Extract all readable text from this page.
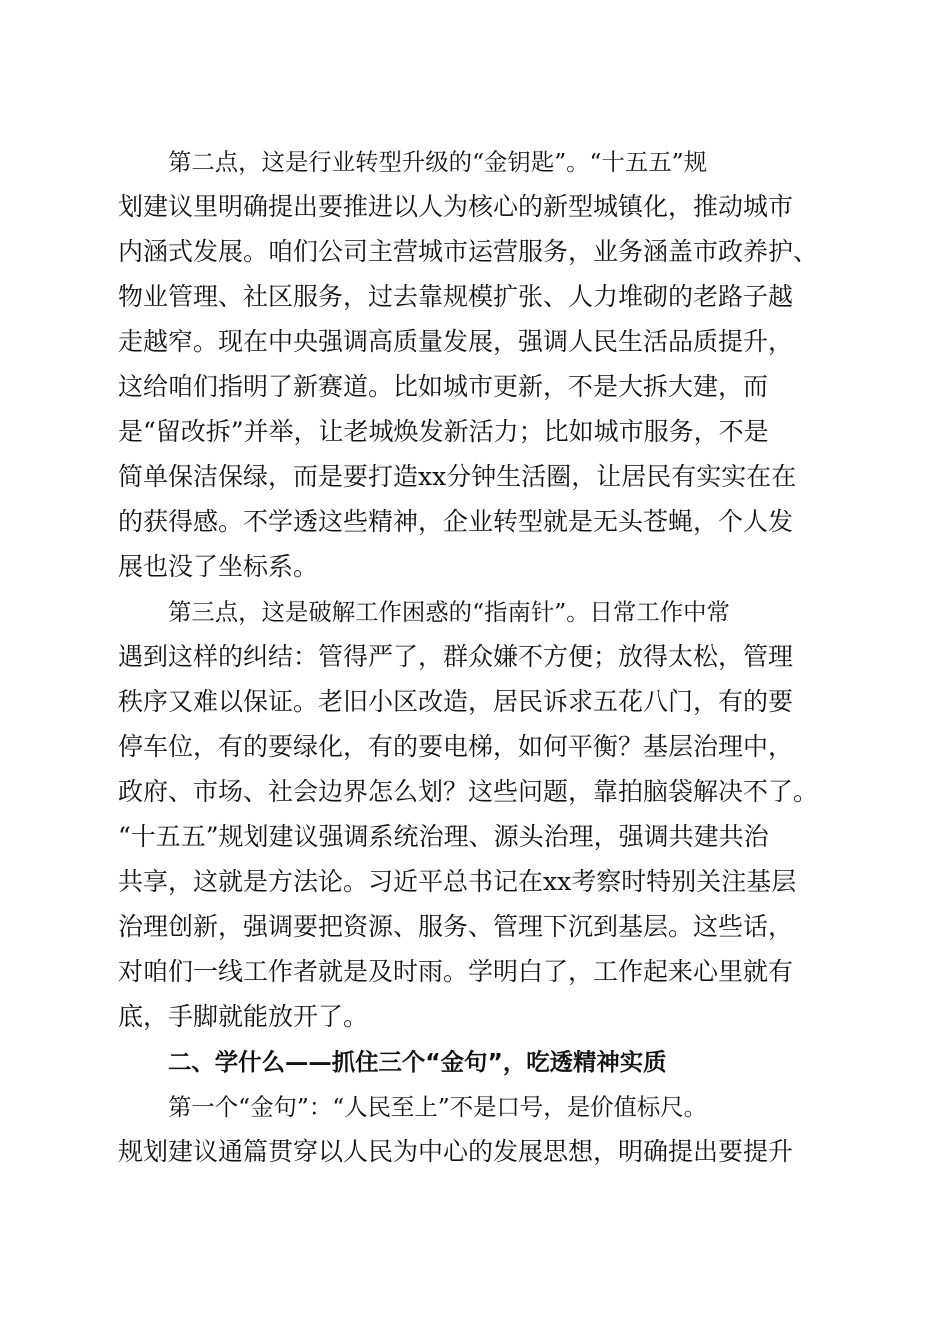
第二点，这是行业转型升级的“金钥匙”。“十五五”规
划建议里明确提出要推进以人为核心的新型城镇化，推动城市
内涵式发展。咱们公司主营城市运营服务，业务涵盖市政养护、
物业管理、社区服务，过去靠规模扩张、人力堆砌的老路子越
走越窄。现在中央强调高质量发展，强调人民生活品质提升，
这给咱们指明了新赛道。比如城市更新，不是大拆大建，而
是“留改拆”并举，让老城焕发新活力；比如城市服务，不是
简单保洁保绿，而是要打造xx分钟生活圈，让居民有实实在在
的获得感。不学透这些精神，企业转型就是无头苍蝇，个人发
展也没了坐标系。
第三点，这是破解工作困惑的“指南针”。日常工作中常
遇到这样的纠结：管得严了，群众嫌不方便；放得太松，管理
秩序又难以保证。老旧小区改造，居民诉求五花八门，有的要
停车位，有的要绿化，有的要电梯，如何平衡？基层治理中，
政府、市场、社会边界怎么划？这些问题，靠拍脑袋解决不了。
“十五五”规划建议强调系统治理、源头治理，强调共建共治
共享，这就是方法论。习近平总书记在xx考察时特别关注基层
治理创新，强调要把资源、服务、管理下沉到基层。这些话，
对咱们一线工作者就是及时雨。学明白了，工作起来心里就有
底，手脚就能放开了。
二、学什么——抓住三个“金句”，吃透精神实质
第一个“金句”：“人民至上”不是口号，是价值标尺。
规划建议通篇贯穿以人民为中心的发展思想，明确提出要提升
